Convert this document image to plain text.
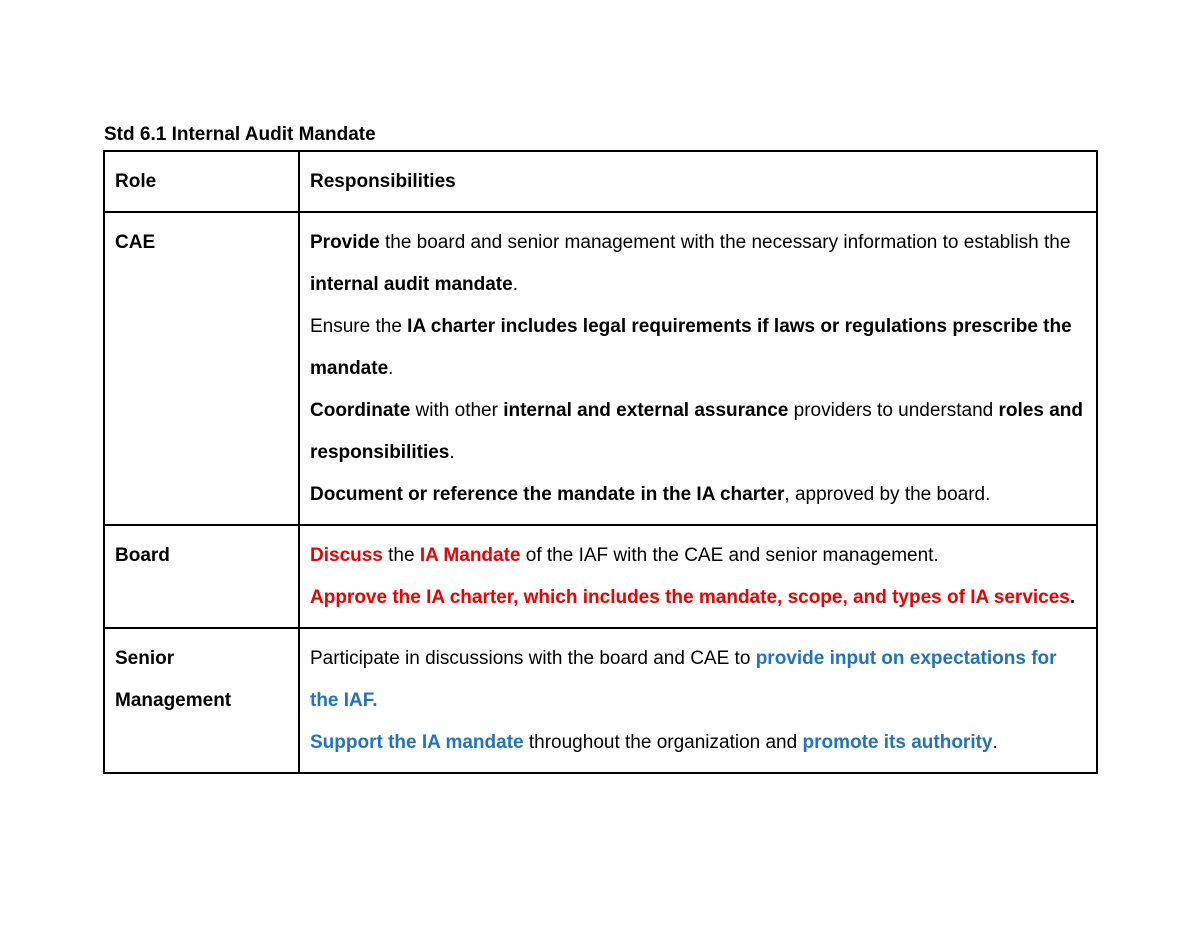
Std 6.1 Internal Audit Mandate
Role	Responsibilities
CAE	Provide the board and senior management with the necessary information to establish the internal audit mandate.
Ensure the IA charter includes legal requirements if laws or regulations prescribe the mandate.
Coordinate with other internal and external assurance providers to understand roles and responsibilities.
Document or reference the mandate in the IA charter, approved by the board.

Board	Discuss the IA Mandate of the IAF with the CAE and senior management.
Approve the IA charter, which includes the mandate, scope, and types of IA services.

Senior Management	Participate in discussions with the board and CAE to provide input on expectations for the IAF.
Support the IA mandate throughout the organization and promote its authority.
